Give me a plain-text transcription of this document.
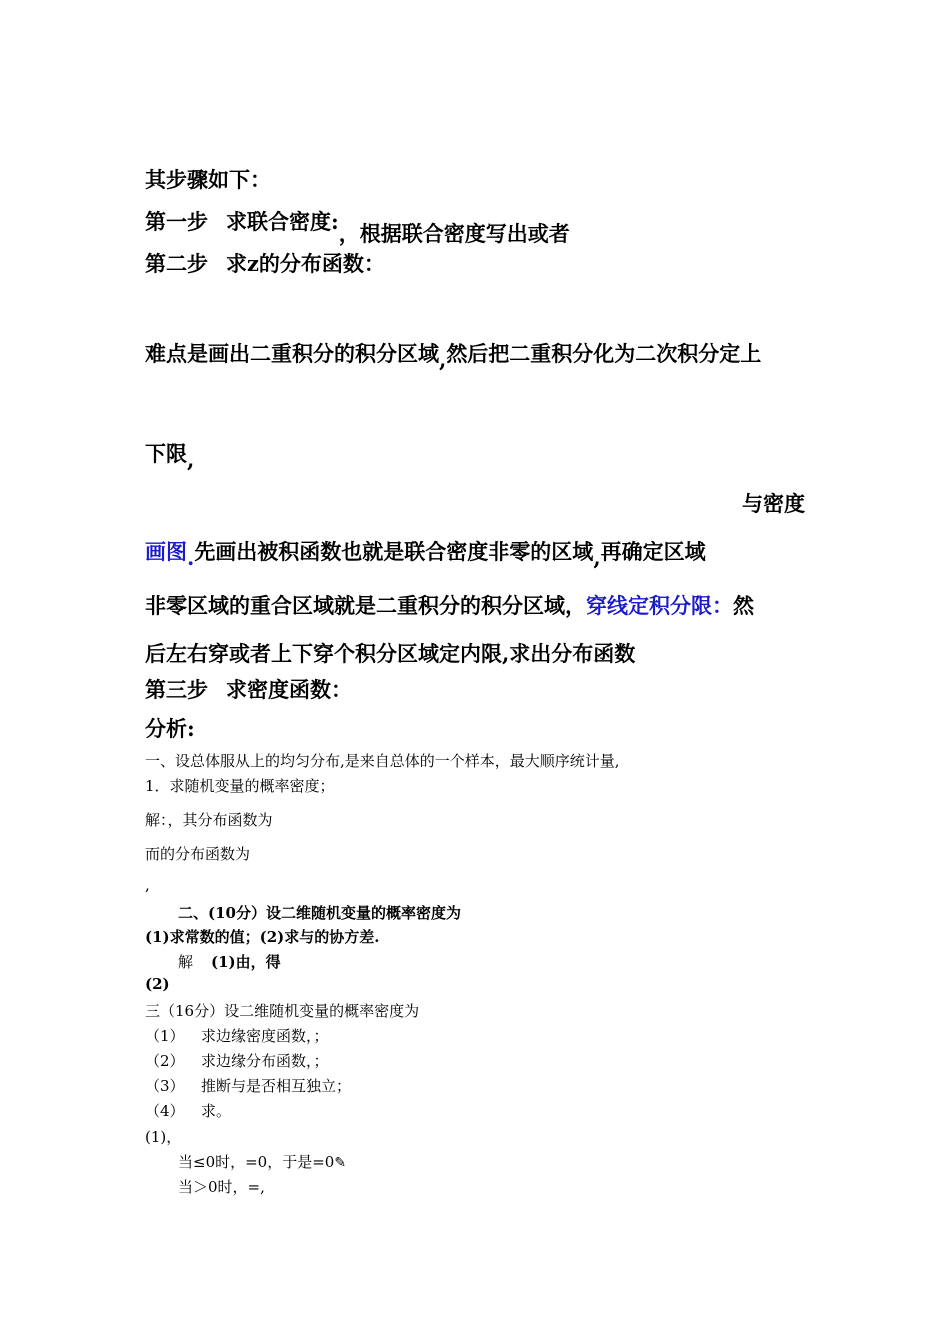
其步骤如下：
第一步 求联合密度:，根据联合密度写出或者
第二步 求z的分布函数：
难点是画出二重积分的积分区域,然后把二重积分化为二次积分定上
下限,
与密度
画图.先画出被积函数也就是联合密度非零的区域,再确定区域
非零区域的重合区域就是二重积分的积分区域，穿线定积分限：然
后左右穿或者上下穿个积分区域定内限,求出分布函数
第三步 求密度函数：
分析:
一、设总体服从上的均匀分布,是来自总体的一个样本，最大顺序统计量,
1．求随机变量的概率密度；
解：，其分布函数为
而的分布函数为
,
二、(10分）设二维随机变量的概率密度为
(1)求常数的值；(2)求与的协方差.
解 (1)由，得
(2)
三（16分）设二维随机变量的概率密度为
（1） 求边缘密度函数，；
（2） 求边缘分布函数，；
（3） 推断与是否相互独立；
（4） 求。
(1)，
当≤0时，=0，于是=0✎
当＞0时，=,
